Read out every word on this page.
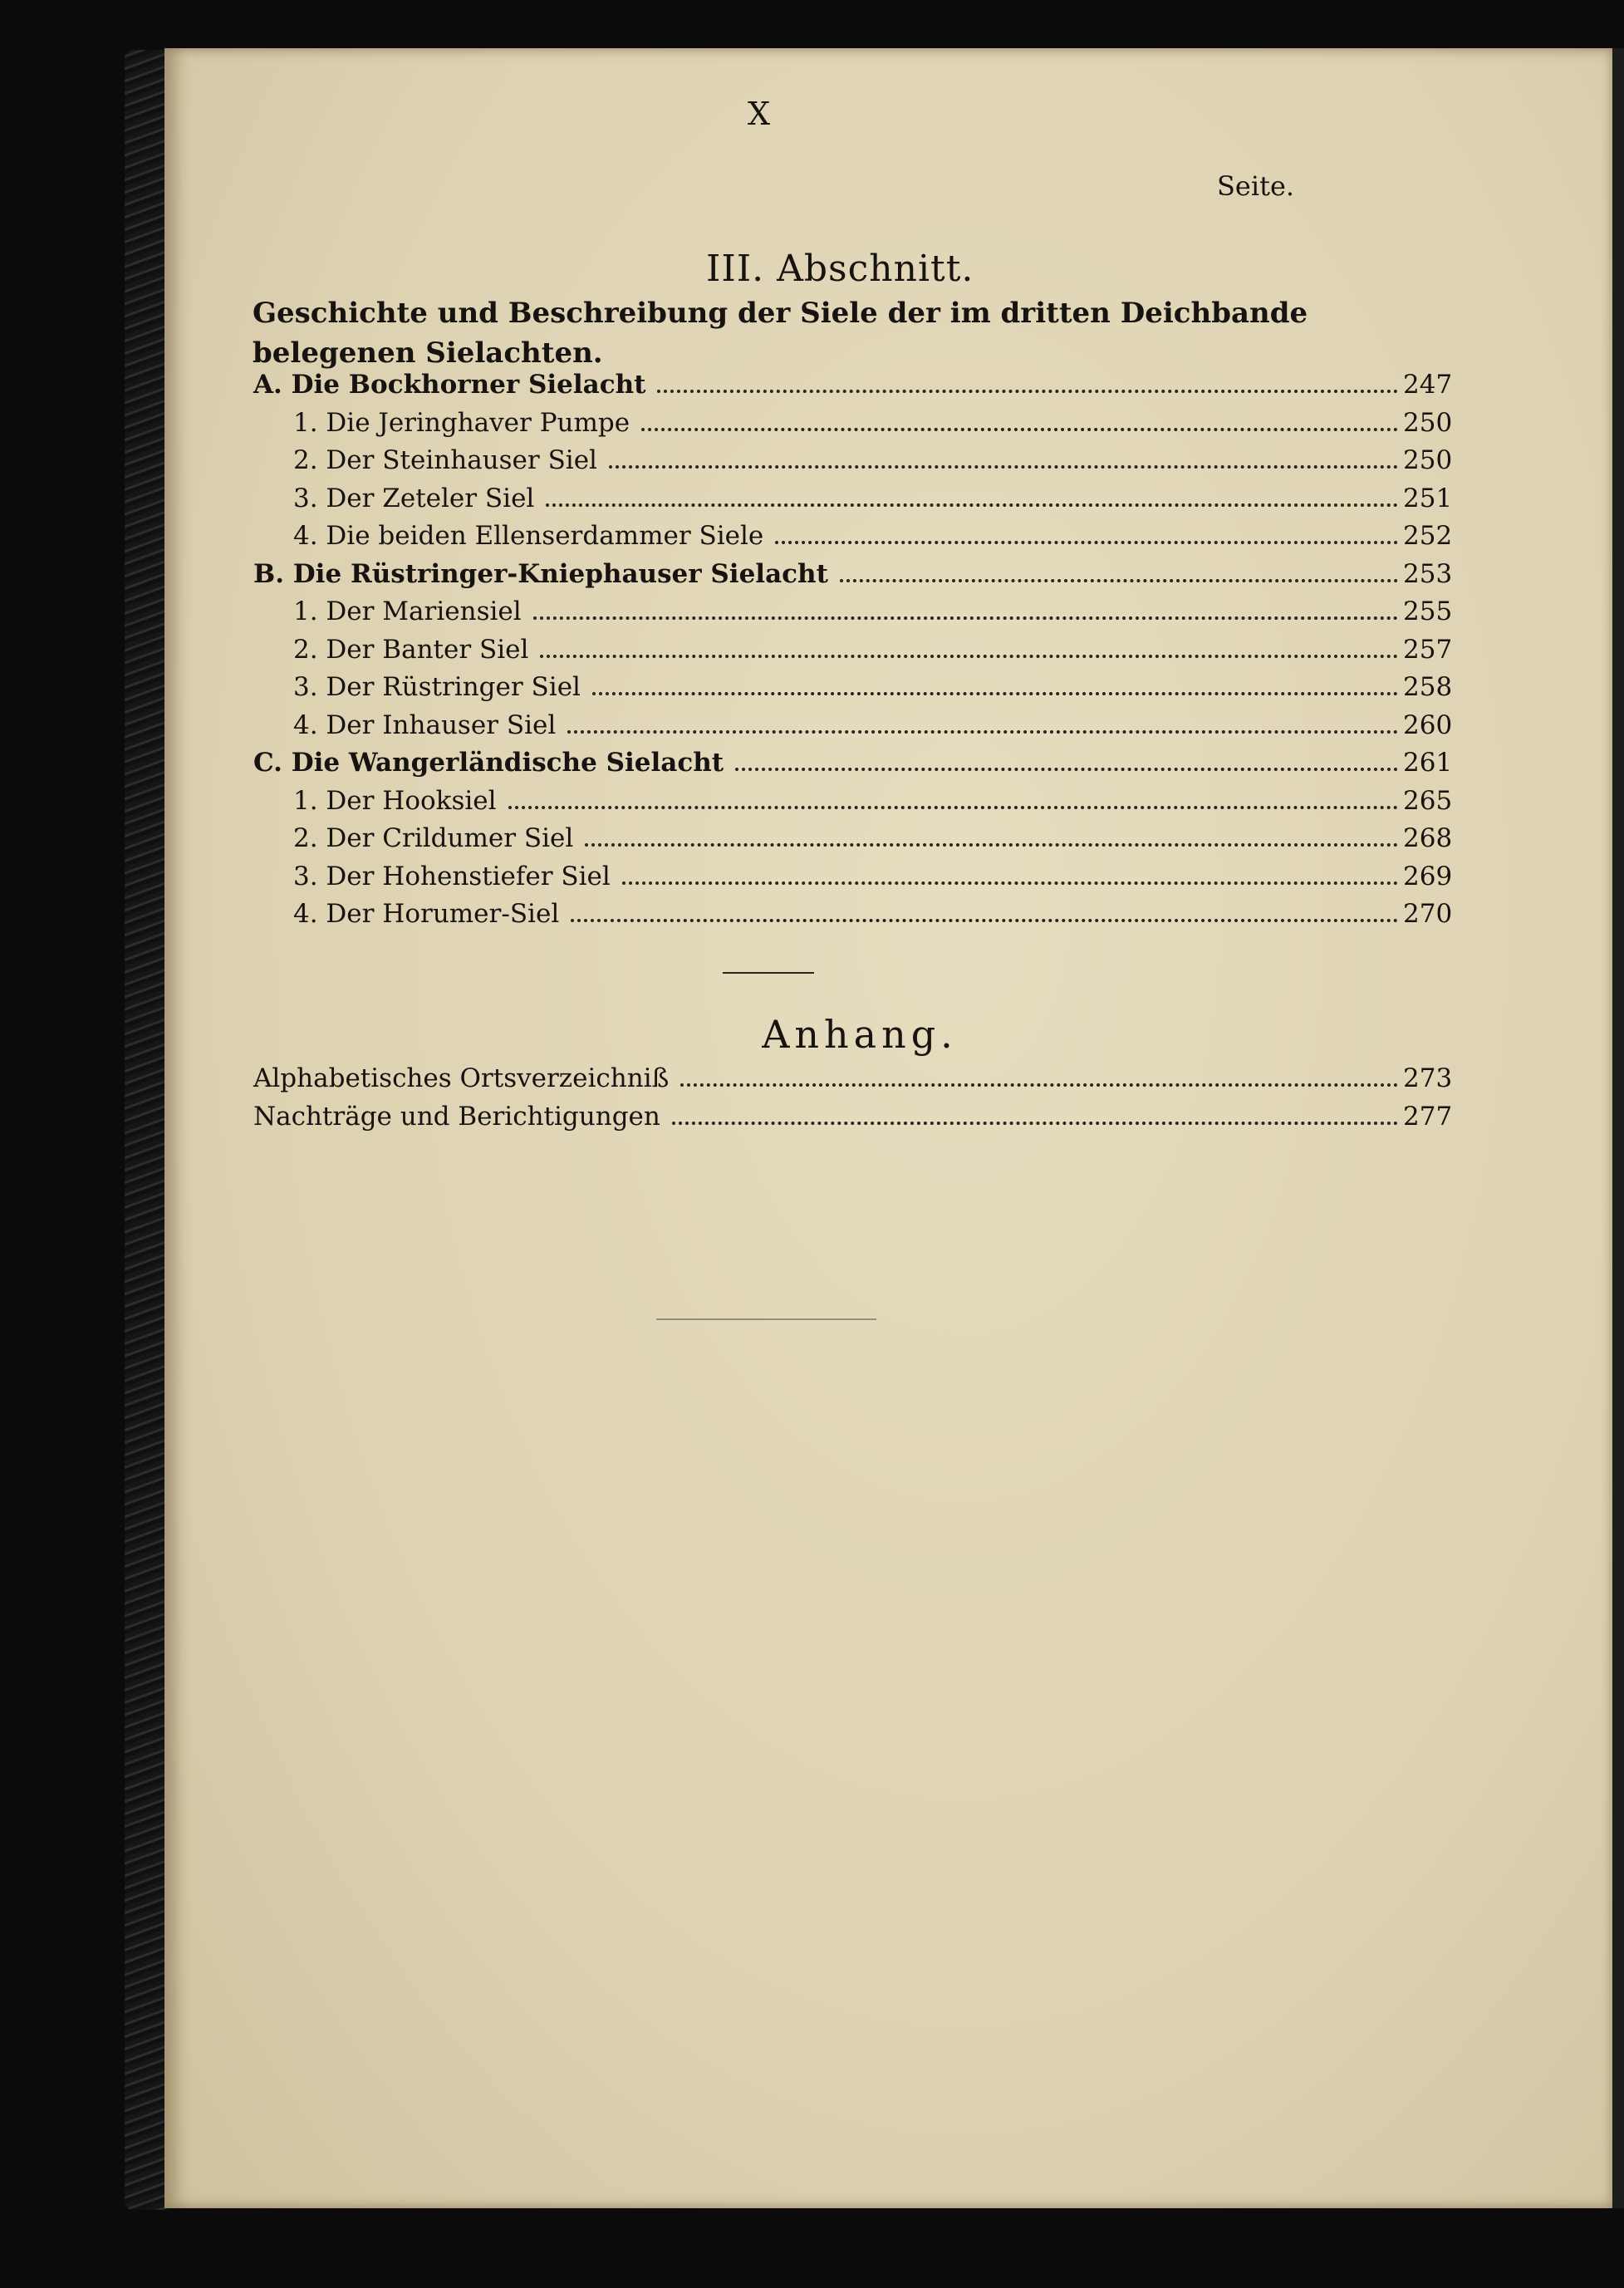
X
Seite.
III. Abschnitt.
Geschichte und Beschreibung der Siele der im dritten Deichbande belegenen Sielachten.
A. Die Bockhorner Sielacht	247
1. Die Jeringhaver Pumpe	250
2. Der Steinhauser Siel	250
3. Der Zeteler Siel	251
4. Die beiden Ellenserdammer Siele	252
B. Die Rüstringer-Kniephauser Sielacht	253
1. Der Mariensiel	255
2. Der Banter Siel	257
3. Der Rüstringer Siel	258
4. Der Inhauser Siel	260
C. Die Wangerländische Sielacht	261
1. Der Hooksiel	265
2. Der Crildumer Siel	268
3. Der Hohenstiefer Siel	269
4. Der Horumer-Siel	270
Anhang.
Alphabetisches Ortsverzeichniß	273
Nachträge und Berichtigungen	277
